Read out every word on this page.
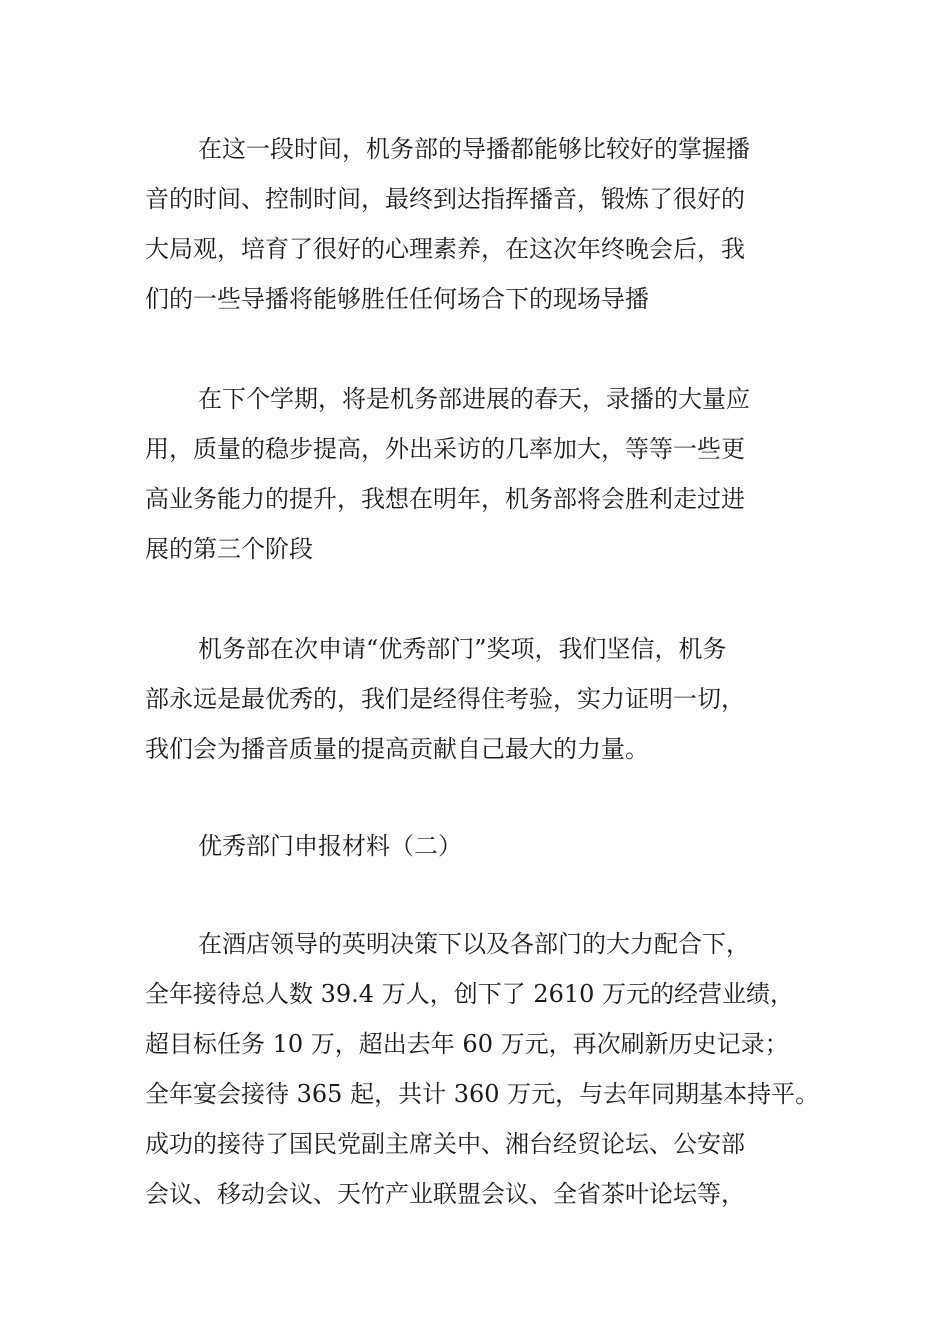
在这一段时间，机务部的导播都能够比较好的掌握播
音的时间、控制时间，最终到达指挥播音，锻炼了很好的
大局观，培育了很好的心理素养，在这次年终晚会后，我
们的一些导播将能够胜任任何场合下的现场导播
在下个学期，将是机务部进展的春天，录播的大量应
用，质量的稳步提高，外出采访的几率加大，等等一些更
高业务能力的提升，我想在明年，机务部将会胜利走过进
展的第三个阶段
机务部在次申请“优秀部门”奖项，我们坚信，机务
部永远是最优秀的，我们是经得住考验，实力证明一切，
我们会为播音质量的提高贡献自己最大的力量。
优秀部门申报材料（二）
在酒店领导的英明决策下以及各部门的大力配合下，
全年接待总人数 39.4 万人，创下了 2610 万元的经营业绩，
超目标任务 10 万，超出去年 60 万元，再次刷新历史记录；
全年宴会接待 365 起，共计 360 万元，与去年同期基本持平。
成功的接待了国民党副主席关中、湘台经贸论坛、公安部
会议、移动会议、天竹产业联盟会议、全省茶叶论坛等，
